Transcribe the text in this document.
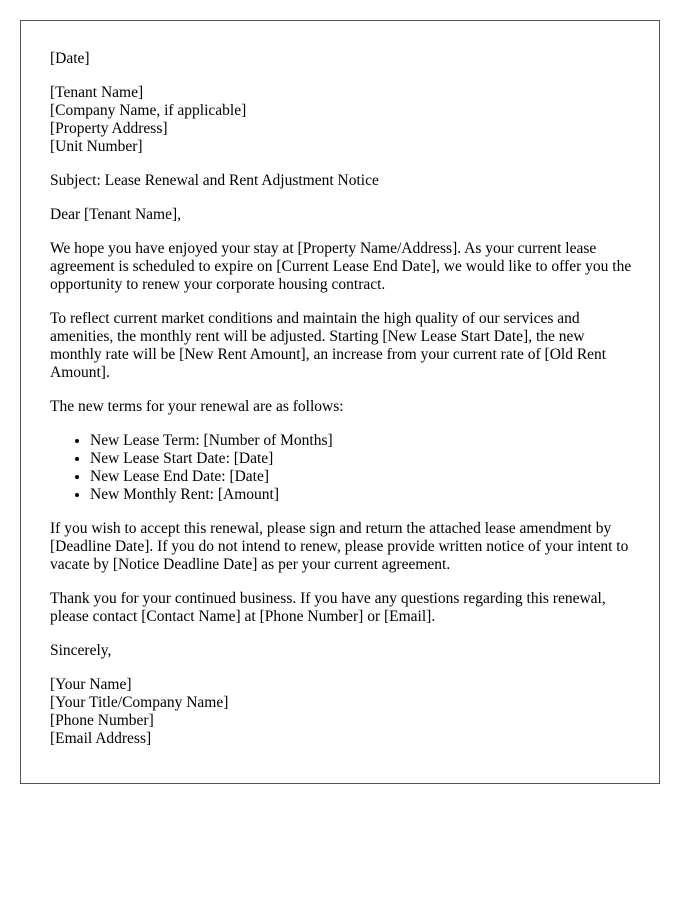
[Date]

[Tenant Name]
[Company Name, if applicable]
[Property Address]
[Unit Number]

Subject: Lease Renewal and Rent Adjustment Notice

Dear [Tenant Name],

We hope you have enjoyed your stay at [Property Name/Address]. As your current lease agreement is scheduled to expire on [Current Lease End Date], we would like to offer you the opportunity to renew your corporate housing contract.

To reflect current market conditions and maintain the high quality of our services and amenities, the monthly rent will be adjusted. Starting [New Lease Start Date], the new monthly rate will be [New Rent Amount], an increase from your current rate of [Old Rent Amount].

The new terms for your renewal are as follows:

• New Lease Term: [Number of Months]
• New Lease Start Date: [Date]
• New Lease End Date: [Date]
• New Monthly Rent: [Amount]

If you wish to accept this renewal, please sign and return the attached lease amendment by [Deadline Date]. If you do not intend to renew, please provide written notice of your intent to vacate by [Notice Deadline Date] as per your current agreement.

Thank you for your continued business. If you have any questions regarding this renewal, please contact [Contact Name] at [Phone Number] or [Email].

Sincerely,

[Your Name]
[Your Title/Company Name]
[Phone Number]
[Email Address]
